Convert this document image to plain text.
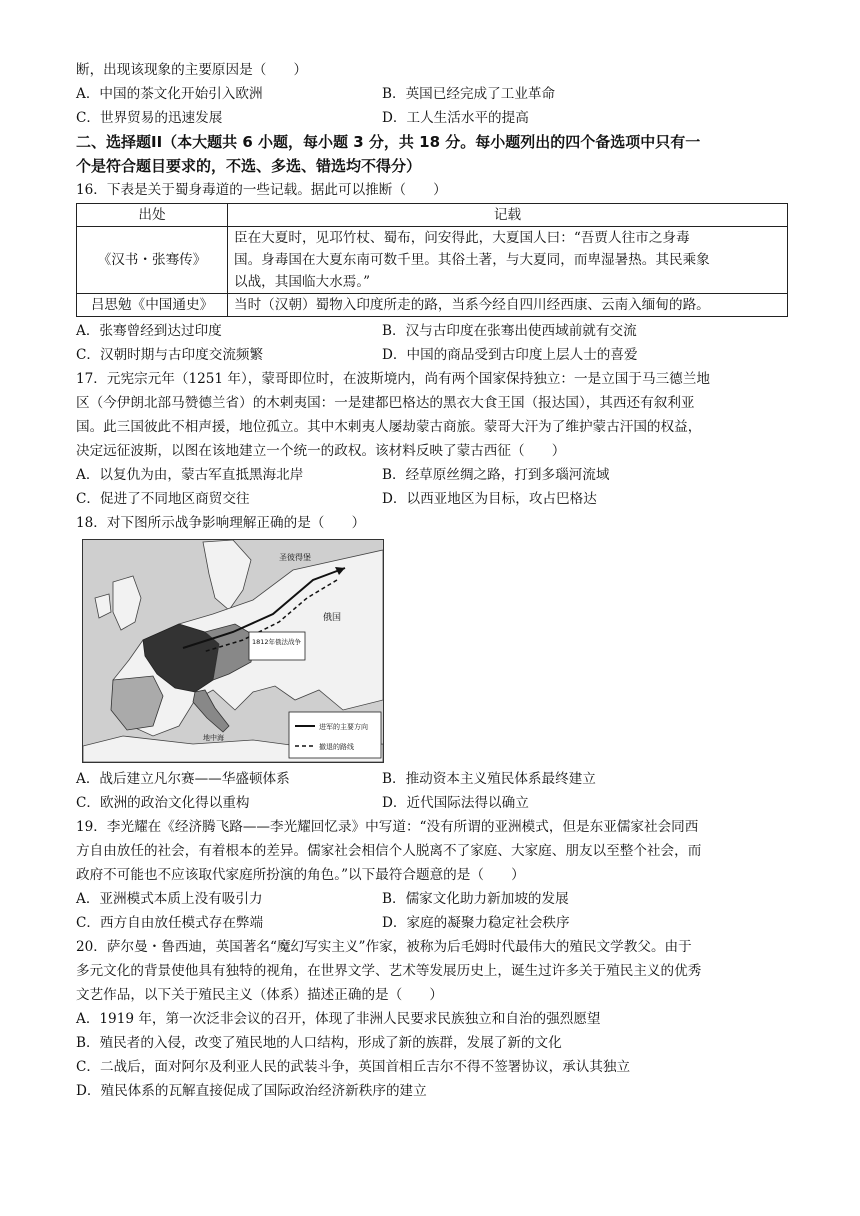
断，出现该现象的主要原因是（　　）
A．中国的茶文化开始引入欧洲	B．英国已经完成了工业革命
C．世界贸易的迅速发展	D．工人生活水平的提高
二、选择题II（本大题共 6 小题，每小题 3 分，共 18 分。每小题列出的四个备选项中只有一
个是符合题目要求的，不选、多选、错选均不得分）
16．下表是关于蜀身毒道的一些记载。据此可以推断（　　）
出处	记载
《汉书・张骞传》	臣在大夏时，见邛竹杖、蜀布，问安得此，大夏国人曰：“吾贾人往市之身毒
国。身毒国在大夏东南可数千里。其俗土著，与大夏同，而卑湿暑热。其民乘象
以战，其国临大水焉。”

吕思勉《中国通史》	当时（汉朝）蜀物入印度所走的路，当系今经自四川经西康、云南入缅甸的路。
A．张骞曾经到达过印度	B．汉与古印度在张骞出使西域前就有交流
C．汉朝时期与古印度交流频繁	D．中国的商品受到古印度上层人士的喜爱
17．元宪宗元年（1251 年），蒙哥即位时，在波斯境内，尚有两个国家保持独立：一是立国于马三德兰地
区（今伊朗北部马赞德兰省）的木剌夷国：一是建都巴格达的黑衣大食王国（报达国），其西还有叙利亚
国。此三国彼此不相声援，地位孤立。其中木剌夷人屡劫蒙古商旅。蒙哥大汗为了维护蒙古汗国的权益，
决定远征波斯，以图在该地建立一个统一的政权。该材料反映了蒙古西征（　　）
A．以复仇为由，蒙古军直抵黑海北岸	B．经草原丝绸之路，打到多瑙河流域
C．促进了不同地区商贸交往	D．以西亚地区为目标，攻占巴格达
18．对下图所示战争影响理解正确的是（　　）
圣彼得堡
俄国
1812年俄法战争
地中海
进军的主要方向
撤退的路线
A．战后建立凡尔赛——华盛顿体系	B．推动资本主义殖民体系最终建立
C．欧洲的政治文化得以重构	D．近代国际法得以确立
19．李光耀在《经济腾飞路——李光耀回忆录》中写道：“没有所谓的亚洲模式，但是东亚儒家社会同西
方自由放任的社会，有着根本的差异。儒家社会相信个人脱离不了家庭、大家庭、朋友以至整个社会，而
政府不可能也不应该取代家庭所扮演的角色。”以下最符合题意的是（　　）
A．亚洲模式本质上没有吸引力	B．儒家文化助力新加坡的发展
C．西方自由放任模式存在弊端	D．家庭的凝聚力稳定社会秩序
20．萨尔曼・鲁西迪，英国著名“魔幻写实主义”作家，被称为后毛姆时代最伟大的殖民文学教父。由于
多元文化的背景使他具有独特的视角，在世界文学、艺术等发展历史上，诞生过许多关于殖民主义的优秀
文艺作品，以下关于殖民主义（体系）描述正确的是（　　）
A．1919 年，第一次泛非会议的召开，体现了非洲人民要求民族独立和自治的强烈愿望
B．殖民者的入侵，改变了殖民地的人口结构，形成了新的族群，发展了新的文化
C．二战后，面对阿尔及利亚人民的武装斗争，英国首相丘吉尔不得不签署协议，承认其独立
D．殖民体系的瓦解直接促成了国际政治经济新秩序的建立
